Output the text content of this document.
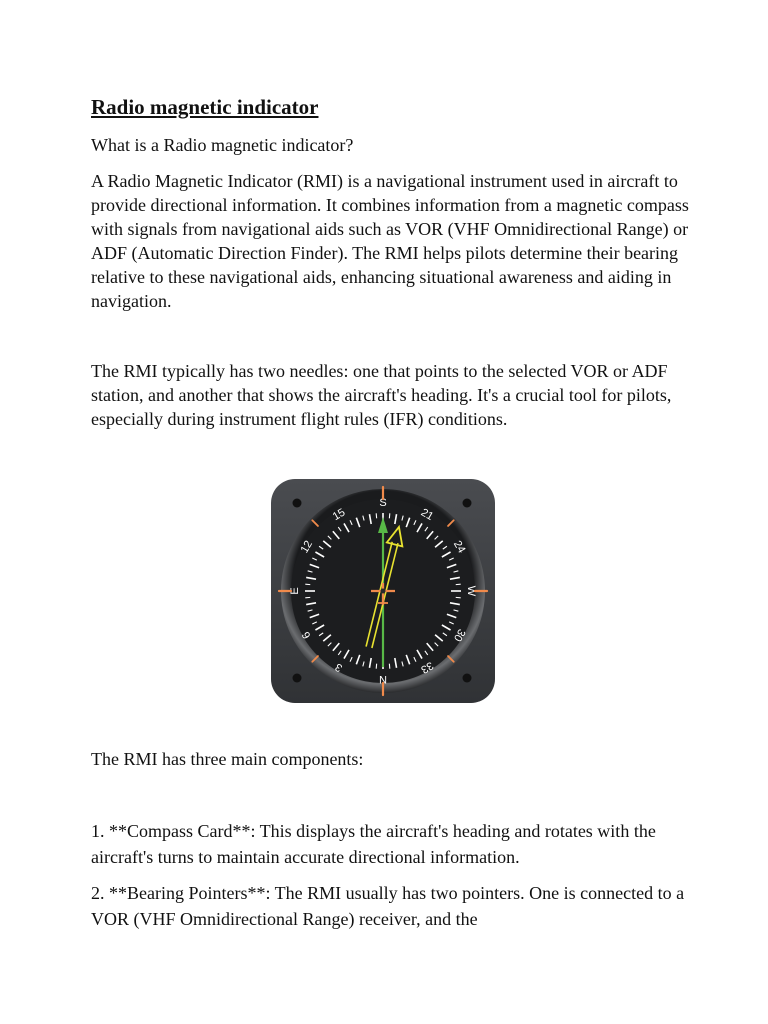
Radio magnetic indicator

What is a Radio magnetic indicator?

A Radio Magnetic Indicator (RMI) is a navigational instrument used in aircraft to provide directional information. It combines information from a magnetic compass with signals from navigational aids such as VOR (VHF Omnidirectional Range) or ADF (Automatic Direction Finder). The RMI helps pilots determine their bearing relative to these navigational aids, enhancing situational awareness and aiding in navigation.

The RMI typically has two needles: one that points to the selected VOR or ADF station, and another that shows the aircraft's heading. It's a crucial tool for pilots, especially during instrument flight rules (IFR) conditions.

N
3
6
E
12
15
S
21
24
W
30
33

The RMI has three main components:

1. **Compass Card**: This displays the aircraft's heading and rotates with the aircraft's turns to maintain accurate directional information.

2. **Bearing Pointers**: The RMI usually has two pointers. One is connected to a VOR (VHF Omnidirectional Range) receiver, and the
